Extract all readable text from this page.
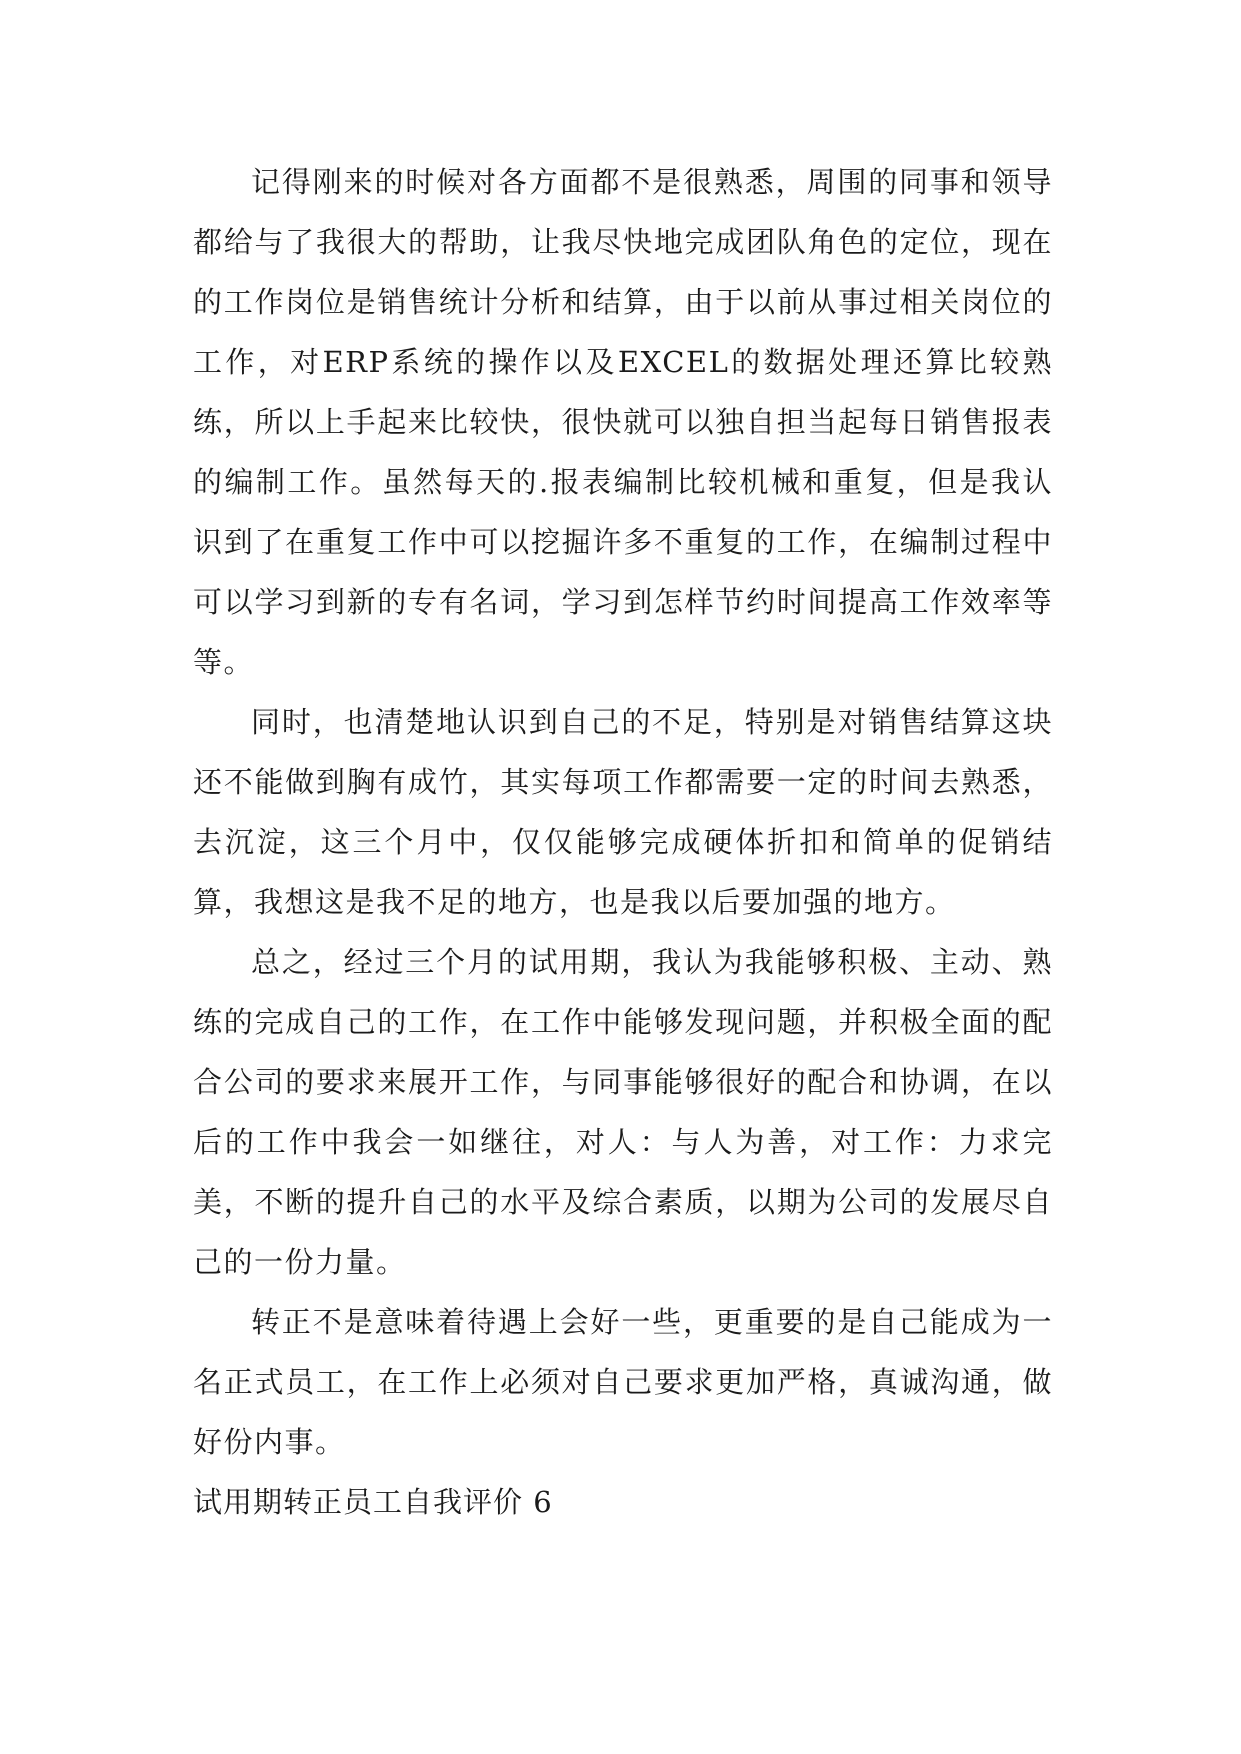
记得刚来的时候对各方面都不是很熟悉，周围的同事和领导都给与了我很大的帮助，让我尽快地完成团队角色的定位，现在的工作岗位是销售统计分析和结算，由于以前从事过相关岗位的工作，对ERP系统的操作以及EXCEL的数据处理还算比较熟练，所以上手起来比较快，很快就可以独自担当起每日销售报表的编制工作。虽然每天的.报表编制比较机械和重复，但是我认识到了在重复工作中可以挖掘许多不重复的工作，在编制过程中可以学习到新的专有名词，学习到怎样节约时间提高工作效率等等。

同时，也清楚地认识到自己的不足，特别是对销售结算这块还不能做到胸有成竹，其实每项工作都需要一定的时间去熟悉，去沉淀，这三个月中，仅仅能够完成硬体折扣和简单的促销结算，我想这是我不足的地方，也是我以后要加强的地方。

总之，经过三个月的试用期，我认为我能够积极、主动、熟练的完成自己的工作，在工作中能够发现问题，并积极全面的配合公司的要求来展开工作，与同事能够很好的配合和协调，在以后的工作中我会一如继往，对人：与人为善，对工作：力求完美，不断的提升自己的水平及综合素质，以期为公司的发展尽自己的一份力量。

转正不是意味着待遇上会好一些，更重要的是自己能成为一名正式员工，在工作上必须对自己要求更加严格，真诚沟通，做好份内事。

试用期转正员工自我评价 6
